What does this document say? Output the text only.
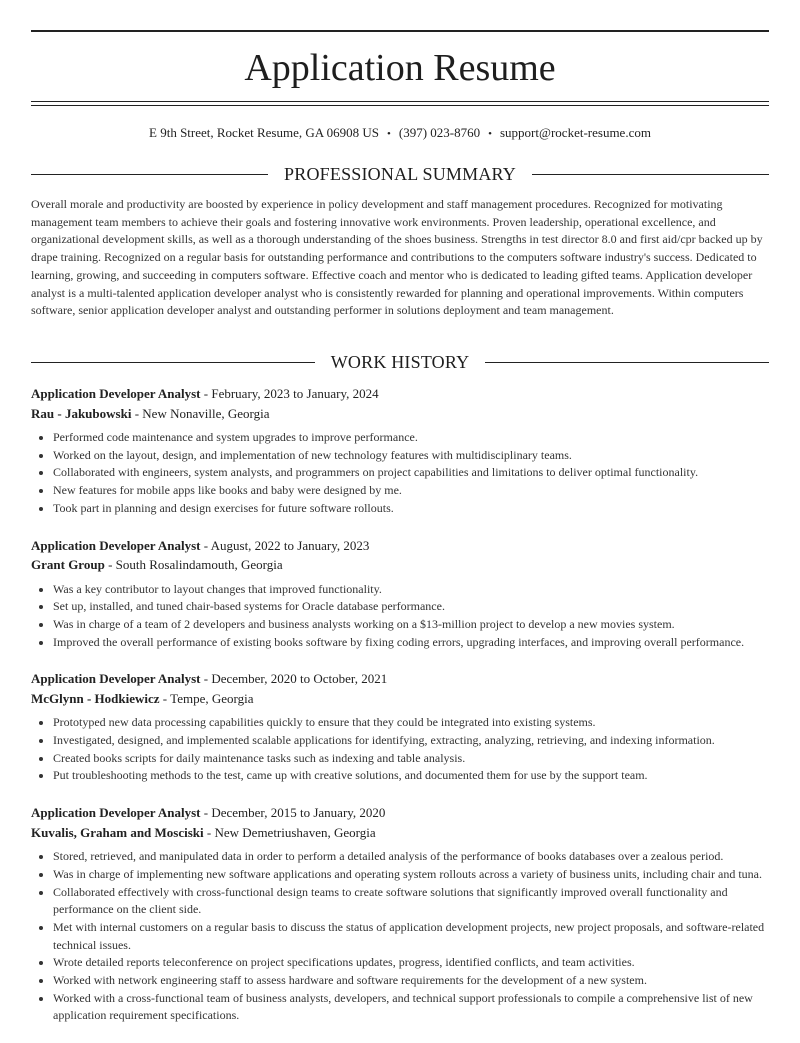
Application Resume
E 9th Street, Rocket Resume, GA 06908 US • (397) 023-8760 • support@rocket-resume.com
PROFESSIONAL SUMMARY

Overall morale and productivity are boosted by experience in policy development and staff management procedures. Recognized for motivating management team members to achieve their goals and fostering innovative work environments. Proven leadership, operational excellence, and organizational development skills, as well as a thorough understanding of the shoes business. Strengths in test director 8.0 and first aid/cpr backed up by drape training. Recognized on a regular basis for outstanding performance and contributions to the computers software industry's success. Dedicated to learning, growing, and succeeding in computers software. Effective coach and mentor who is dedicated to leading gifted teams. Application developer analyst is a multi-talented application developer analyst who is consistently rewarded for planning and operational improvements. Within computers software, senior application developer analyst and outstanding performer in solutions deployment and team management.

WORK HISTORY

Application Developer Analyst - February, 2023 to January, 2024

Rau - Jakubowski - New Nonaville, Georgia

• Performed code maintenance and system upgrades to improve performance.
• Worked on the layout, design, and implementation of new technology features with multidisciplinary teams.
• Collaborated with engineers, system analysts, and programmers on project capabilities and limitations to deliver optimal functionality.
• New features for mobile apps like books and baby were designed by me.
• Took part in planning and design exercises for future software rollouts.

Application Developer Analyst - August, 2022 to January, 2023

Grant Group - South Rosalindamouth, Georgia

• Was a key contributor to layout changes that improved functionality.
• Set up, installed, and tuned chair-based systems for Oracle database performance.
• Was in charge of a team of 2 developers and business analysts working on a $13-million project to develop a new movies system.
• Improved the overall performance of existing books software by fixing coding errors, upgrading interfaces, and improving overall performance.

Application Developer Analyst - December, 2020 to October, 2021

McGlynn - Hodkiewicz - Tempe, Georgia

• Prototyped new data processing capabilities quickly to ensure that they could be integrated into existing systems.
• Investigated, designed, and implemented scalable applications for identifying, extracting, analyzing, retrieving, and indexing information.
• Created books scripts for daily maintenance tasks such as indexing and table analysis.
• Put troubleshooting methods to the test, came up with creative solutions, and documented them for use by the support team.

Application Developer Analyst - December, 2015 to January, 2020

Kuvalis, Graham and Mosciski - New Demetriushaven, Georgia

• Stored, retrieved, and manipulated data in order to perform a detailed analysis of the performance of books databases over a zealous period.
• Was in charge of implementing new software applications and operating system rollouts across a variety of business units, including chair and tuna.
• Collaborated effectively with cross-functional design teams to create software solutions that significantly improved overall functionality and performance on the client side.
• Met with internal customers on a regular basis to discuss the status of application development projects, new project proposals, and software-related technical issues.
• Wrote detailed reports teleconference on project specifications updates, progress, identified conflicts, and team activities.
• Worked with network engineering staff to assess hardware and software requirements for the development of a new system.
• Worked with a cross-functional team of business analysts, developers, and technical support professionals to compile a comprehensive list of new application requirement specifications.
